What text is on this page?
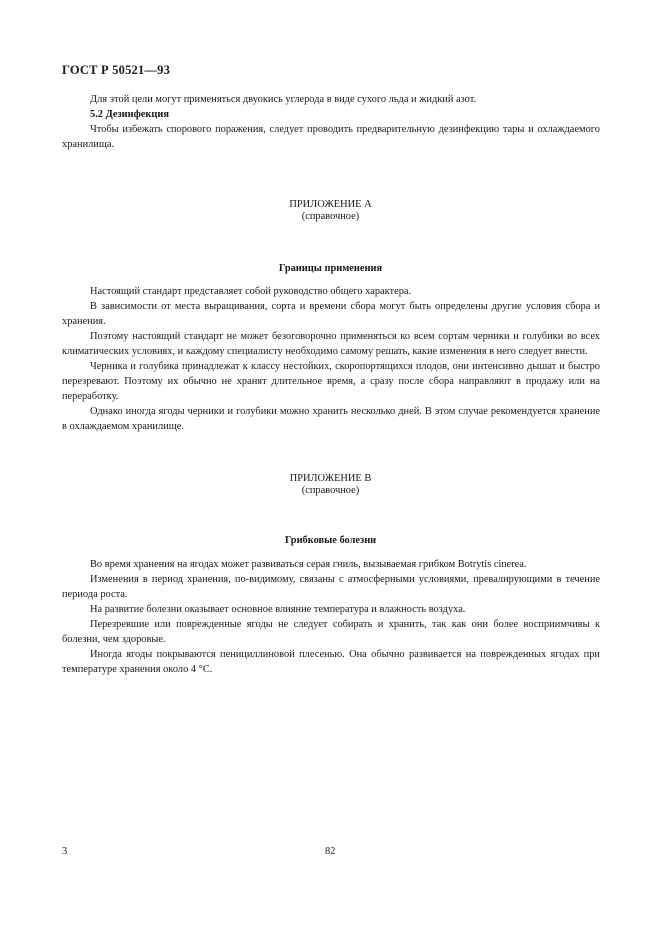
ГОСТ Р 50521—93

Для этой цели могут применяться двуокись углерода в виде сухого льда и жидкий азот.

5.2 Дезинфекция

Чтобы избежать спорового поражения, следует проводить предварительную дезинфекцию тары и охлаждаемого хранилища.

ПРИЛОЖЕНИЕ А
(справочное)
Границы применения

Настоящий стандарт представляет собой руководство общего характера.

В зависимости от места выращивания, сорта и времени сбора могут быть определены другие условия сбора и хранения.

Поэтому настоящий стандарт не может безоговорочно применяться ко всем сортам черники и голубики во всех климатических условиях, и каждому специалисту необходимо самому решать, какие изменения в него следует внести.

Черника и голубика принадлежат к классу нестойких, скоропортящихся плодов, они интенсивно дышат и быстро перезревают. Поэтому их обычно не хранят длительное время, а сразу после сбора направляют в продажу или на переработку.

Однако иногда ягоды черники и голубики можно хранить несколько дней. В этом случае рекомендуется хранение в охлаждаемом хранилище.

ПРИЛОЖЕНИЕ В
(справочное)
Грибковые болезни

Во время хранения на ягодах может развиваться серая гниль, вызываемая грибком Botrytis cinerea.

Изменения в период хранения, по-видимому, связаны с атмосферными условиями, превалирующими в течение периода роста.

На развитие болезни оказывает основное влияние температура и влажность воздуха.

Перезревшие или поврежденные ягоды не следует собирать и хранить, так как они более восприимчивы к болезни, чем здоровые.

Иногда ягоды покрываются пенициллиновой плесенью. Она обычно развивается на поврежденных ягодах при температуре хранения около 4 °С.

3	82
